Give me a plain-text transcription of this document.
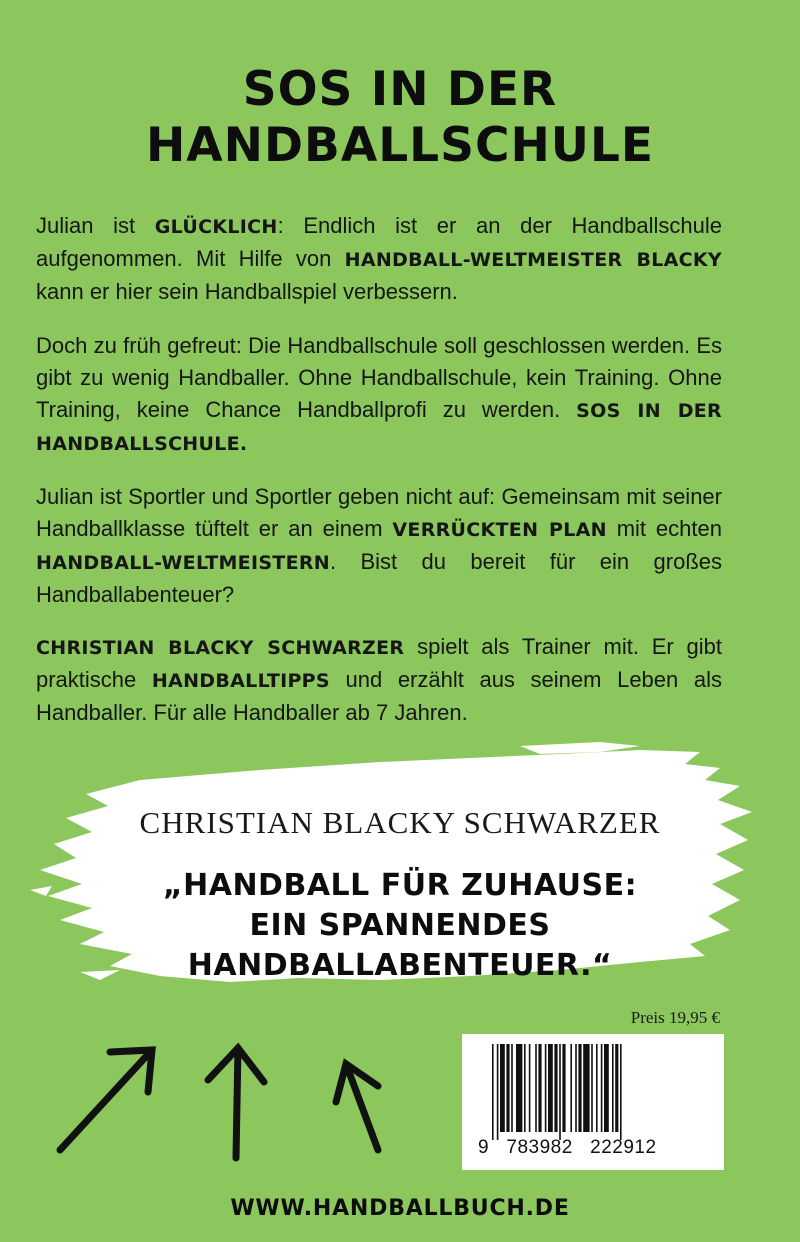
SOS IN DER
HANDBALLSCHULE
Julian ist GLÜCKLICH: Endlich ist er an der Handballschule aufgenommen. Mit Hilfe von HANDBALL-WELTMEISTER BLACKY kann er hier sein Handballspiel verbessern.
Doch zu früh gefreut: Die Handballschule soll geschlossen werden. Es gibt zu wenig Handballer. Ohne Handballschule, kein Training. Ohne Training, keine Chance Handballprofi zu werden. SOS IN DER HANDBALLSCHULE.
Julian ist Sportler und Sportler geben nicht auf: Gemeinsam mit seiner Handballklasse tüftelt er an einem VERRÜCKTEN PLAN mit echten HANDBALL-WELTMEISTERN. Bist du bereit für ein großes Handballabenteuer?
CHRISTIAN BLACKY SCHWARZER spielt als Trainer mit. Er gibt praktische HANDBALLTIPPS und erzählt aus seinem Leben als Handballer. Für alle Handballer ab 7 Jahren.
CHRISTIAN BLACKY SCHWARZER
„HANDBALL FÜR ZUHAUSE:
EIN SPANNENDES
HANDBALLABENTEUER.“
Preis 19,95 €
9   783982   222912
WWW.HANDBALLBUCH.DE
